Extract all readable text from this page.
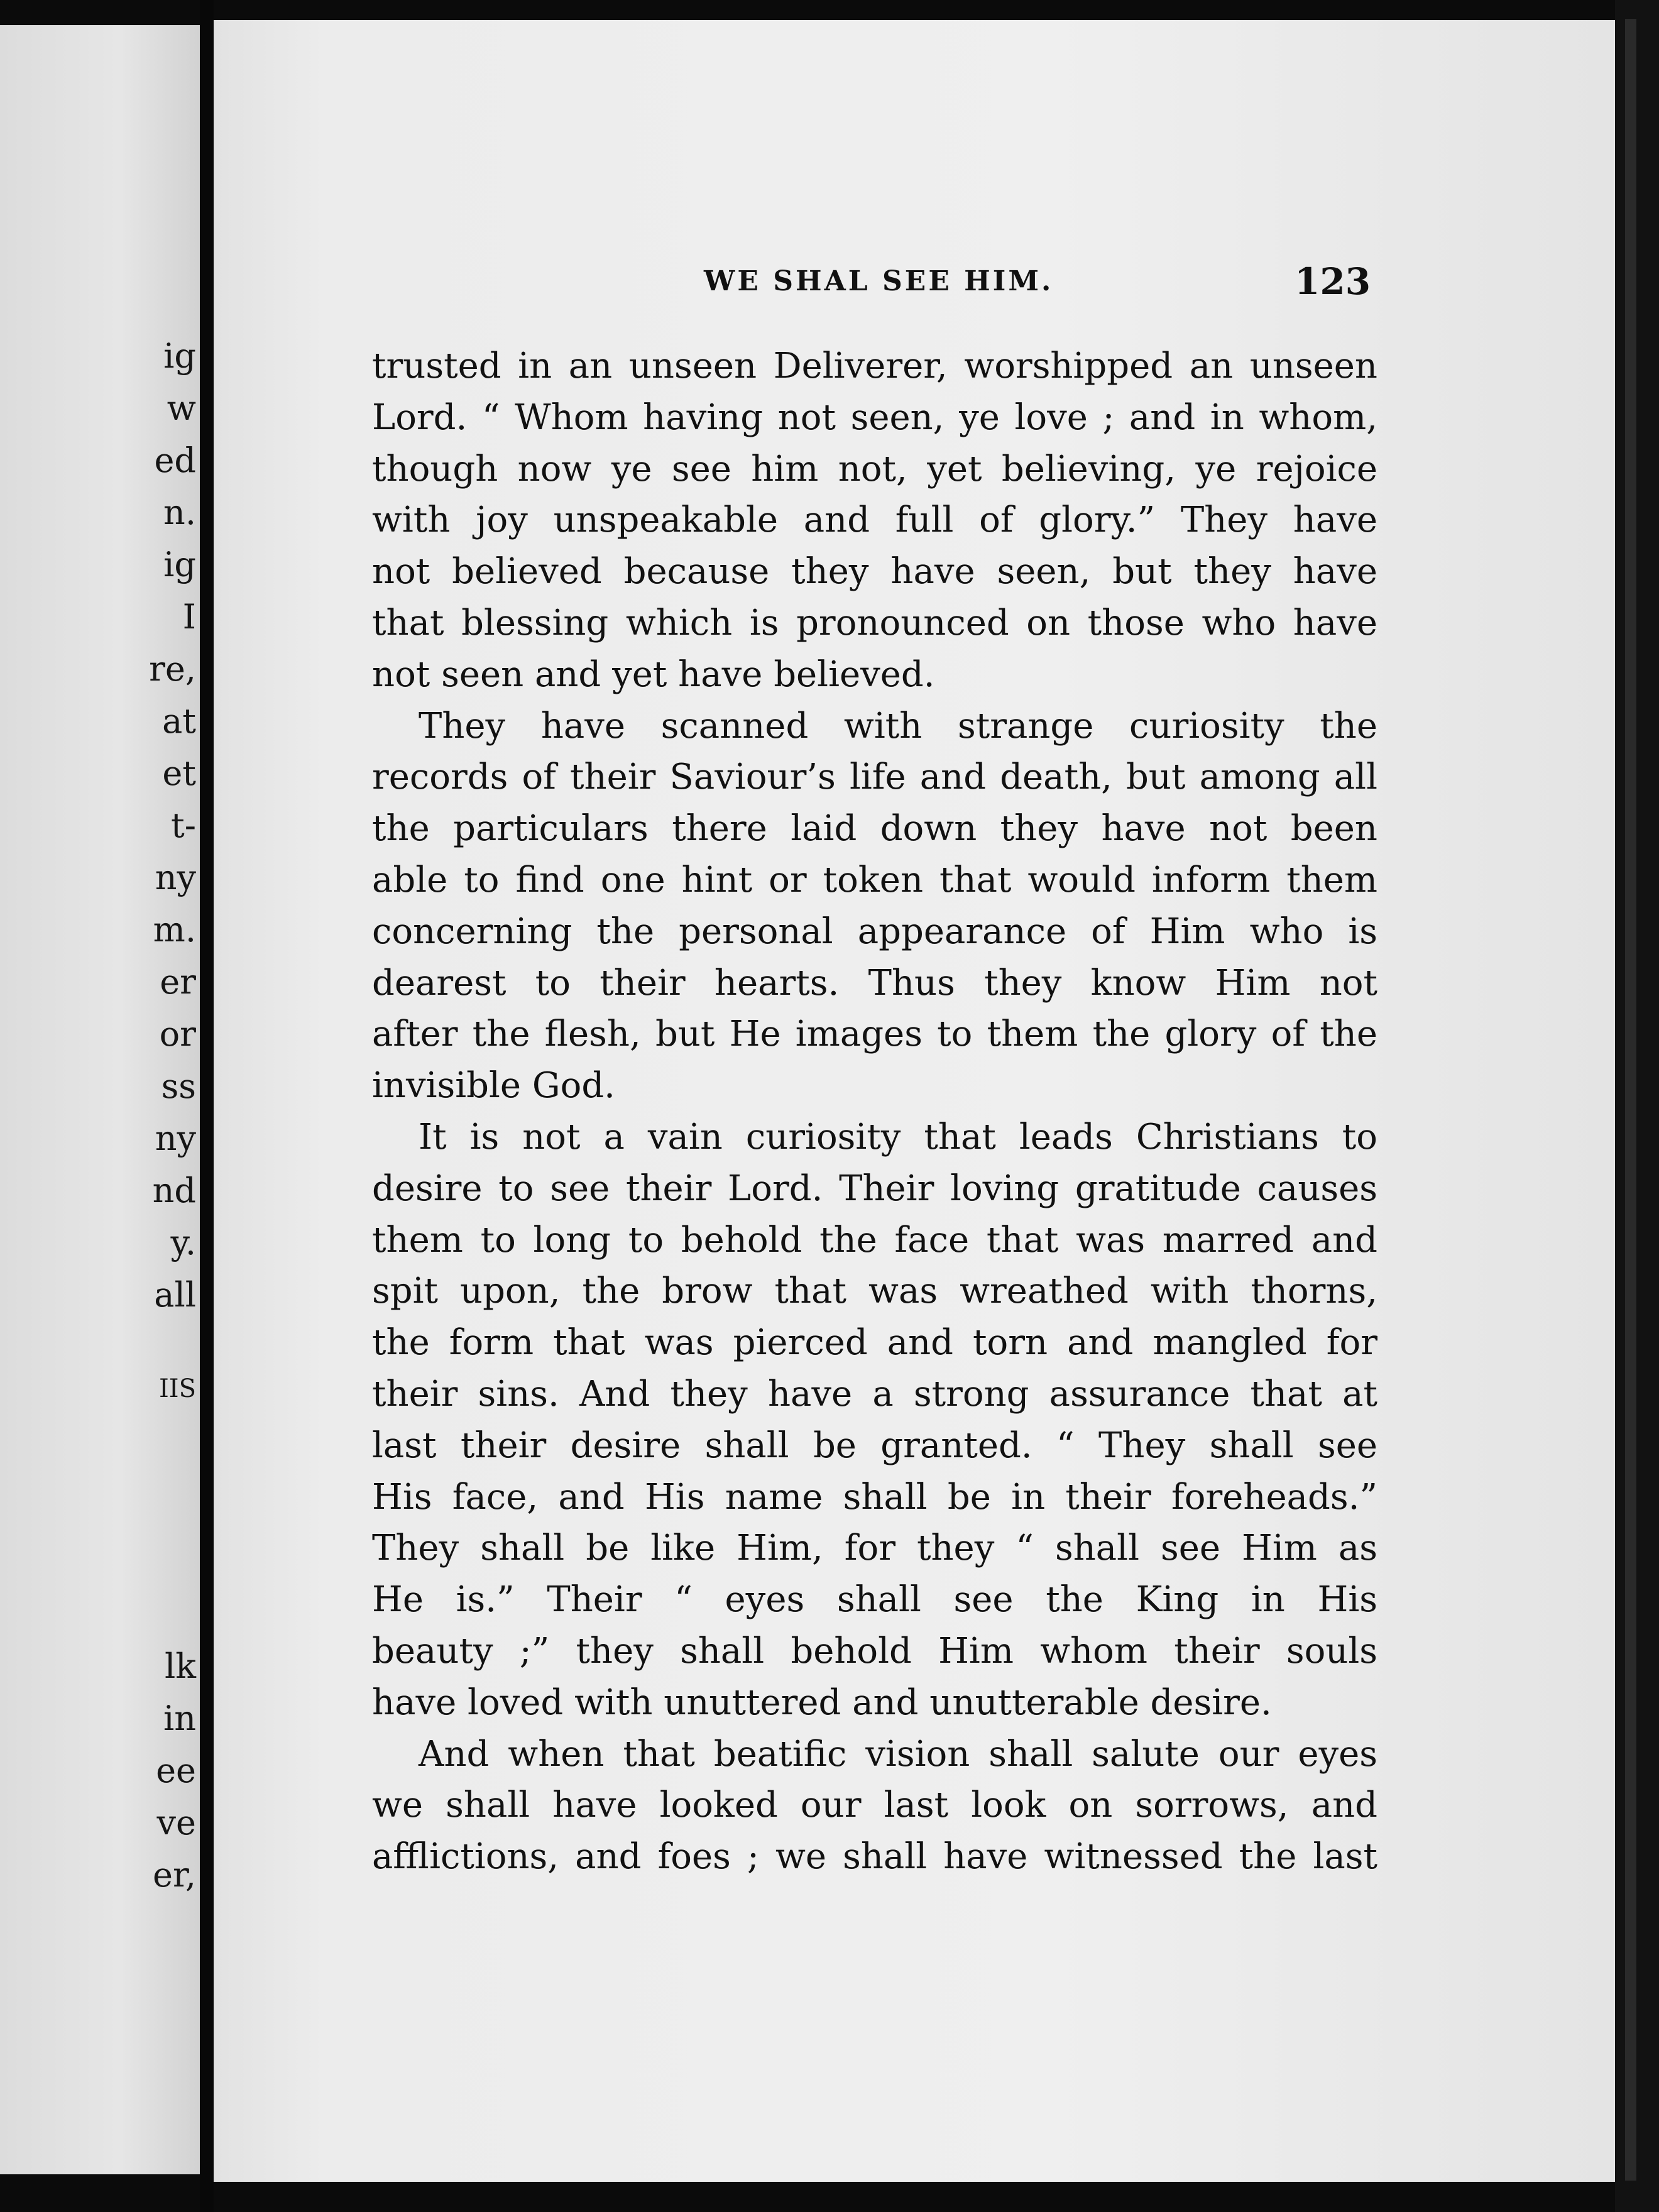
ig
w
ed
n.
ig
I
re,
at
et
t-
ny
m.
er
or
ss
ny
nd
y.
all
IIS
lk
in
ee
ve
er,
WE SHAL SEE HIM.	123
trusted in an unseen Deliverer, worshipped an unseen
Lord. “ Whom having not seen, ye love ; and in whom,
though now ye see him not, yet believing, ye rejoice
with joy unspeakable and full of glory.” They have
not believed because they have seen, but they have
that blessing which is pronounced on those who have
not seen and yet have believed.
They have scanned with strange curiosity the
records of their Saviour’s life and death, but among all
the particulars there laid down they have not been
able to find one hint or token that would inform them
concerning the personal appearance of Him who is
dearest to their hearts. Thus they know Him not
after the flesh, but He images to them the glory of the
invisible God.
It is not a vain curiosity that leads Christians to
desire to see their Lord. Their loving gratitude causes
them to long to behold the face that was marred and
spit upon, the brow that was wreathed with thorns,
the form that was pierced and torn and mangled for
their sins. And they have a strong assurance that at
last their desire shall be granted. “ They shall see
His face, and His name shall be in their foreheads.”
They shall be like Him, for they “ shall see Him as
He is.” Their “ eyes shall see the King in His
beauty ;” they shall behold Him whom their souls
have loved with unuttered and unutterable desire.
And when that beatific vision shall salute our eyes
we shall have looked our last look on sorrows, and
afflictions, and foes ; we shall have witnessed the last
